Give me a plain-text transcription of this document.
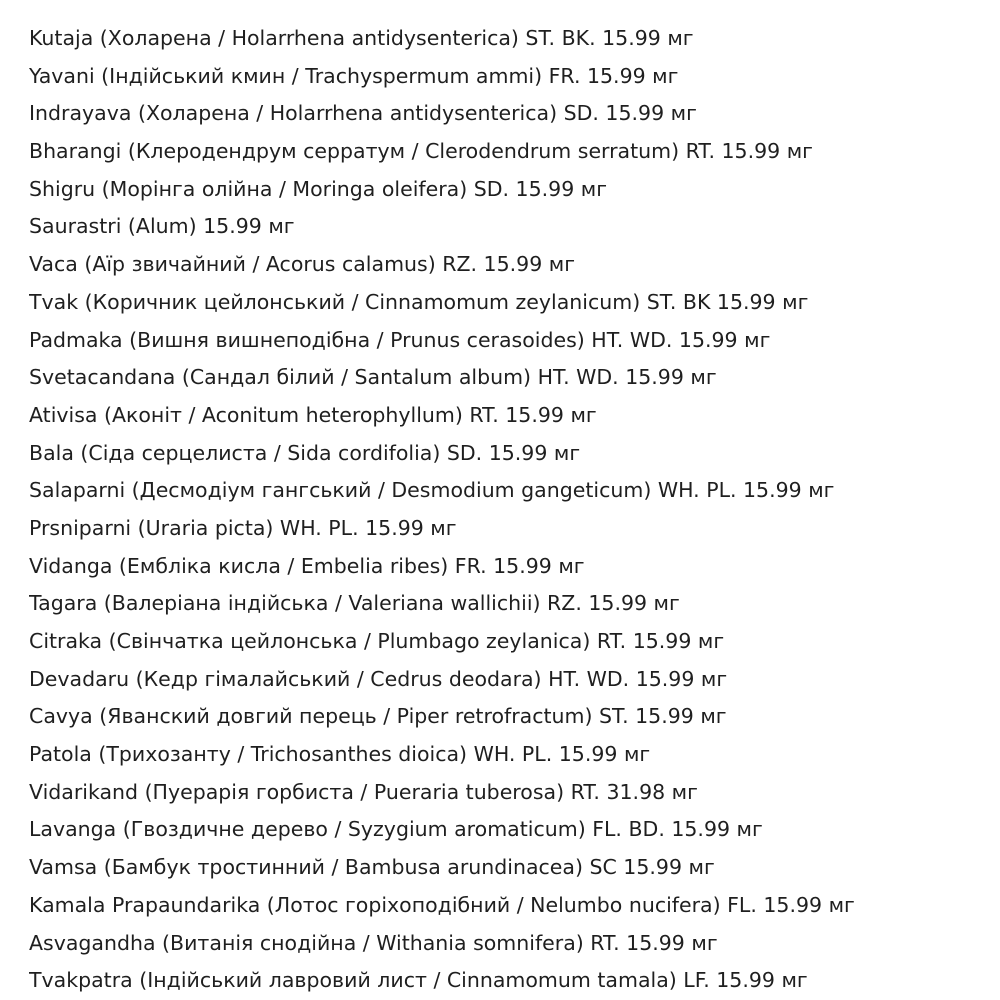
Kutaja (Холарена / Holarrhena antidysenterica) ST. BK. 15.99 мг
Yavani (Індійський кмин / Trachyspermum ammi) FR. 15.99 мг
Indrayava (Холарена / Holarrhena antidysenterica) SD. 15.99 мг
Bharangi (Клеродендрум серратум / Clerodendrum serratum) RT. 15.99 мг
Shigru (Морінга олійна / Moringa oleifera) SD. 15.99 мг
Saurastri (Alum) 15.99 мг
Vaca (Аїр звичайний / Acorus calamus) RZ. 15.99 мг
Tvak (Коричник цейлонський / Cinnamomum zeylanicum) ST. BK 15.99 мг
Padmaka (Вишня вишнеподібна / Prunus cerasoides) HT. WD. 15.99 мг
Svetacandana (Сандал білий / Santalum album) HT. WD. 15.99 мг
Ativisa (Аконіт / Aconitum heterophyllum) RT. 15.99 мг
Bala (Сіда серцелиста / Sida cordifolia) SD. 15.99 мг
Salaparni (Десмодіум гангський / Desmodium gangeticum) WH. PL. 15.99 мг
Prsniparni (Uraria picta) WH. PL. 15.99 мг
Vidanga (Ембліка кисла / Embelia ribes) FR. 15.99 мг
Tagara (Валеріана індійська / Valeriana wallichii) RZ. 15.99 мг
Citraka (Свінчатка цейлонська / Plumbago zeylanica) RT. 15.99 мг
Devadaru (Кедр гімалайський / Cedrus deodara) HT. WD. 15.99 мг
Cavya (Яванский довгий перець / Piper retrofractum) ST. 15.99 мг
Patola (Трихозанту / Trichosanthes dioica) WH. PL. 15.99 мг
Vidarikand (Пуерарія горбиста / Pueraria tuberosa) RT. 31.98 мг
Lavanga (Гвоздичне дерево / Syzygium aromaticum) FL. BD. 15.99 мг
Vamsa (Бамбук тростинний / Bambusa arundinacea) SC 15.99 мг
Kamala Prapaundarika (Лотос горіхоподібний / Nelumbo nucifera) FL. 15.99 мг
Asvagandha (Витанія снодійна / Withania somnifera) RT. 15.99 мг
Tvakpatra (Індійський лавровий лист / Cinnamomum tamala) LF. 15.99 мг
